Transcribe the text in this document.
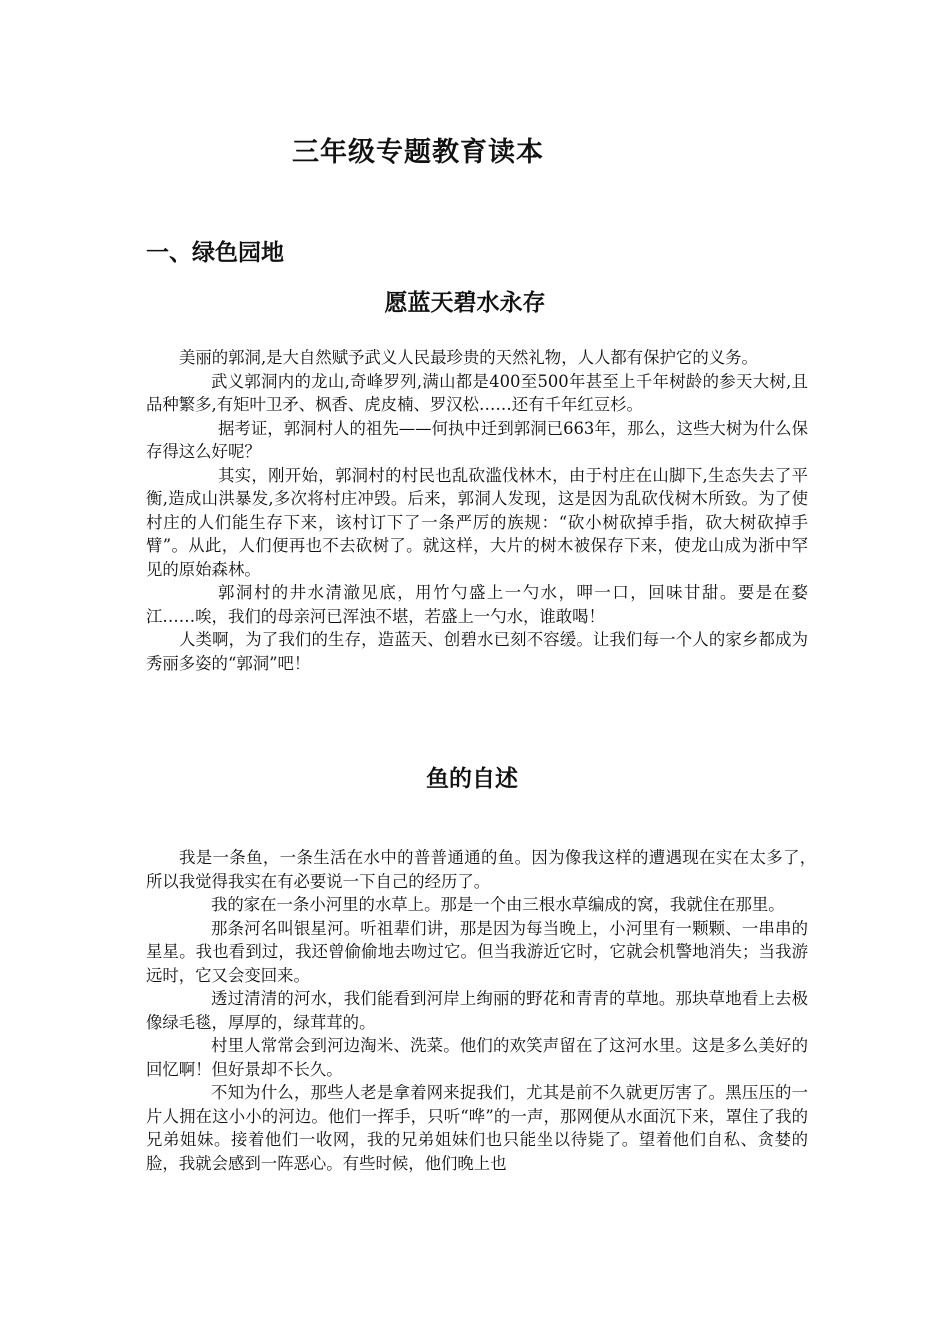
三年级专题教育读本
一、绿色园地
愿蓝天碧水永存

美丽的郭洞,是大自然赋予武义人民最珍贵的天然礼物，人人都有保护它的义务。

武义郭洞内的龙山,奇峰罗列,满山都是400至500年甚至上千年树龄的参天大树,且品种繁多,有矩叶卫矛、枫香、虎皮楠、罗汉松……还有千年红豆杉。

据考证，郭洞村人的祖先——何执中迁到郭洞已663年，那么，这些大树为什么保存得这么好呢？

其实，刚开始，郭洞村的村民也乱砍滥伐林木，由于村庄在山脚下,生态失去了平衡,造成山洪暴发,多次将村庄冲毁。后来，郭洞人发现，这是因为乱砍伐树木所致。为了使村庄的人们能生存下来，该村订下了一条严厉的族规：“砍小树砍掉手指，砍大树砍掉手臂”。从此，人们便再也不去砍树了。就这样，大片的树木被保存下来，使龙山成为浙中罕见的原始森林。

郭洞村的井水清澈见底，用竹勺盛上一勺水，呷一口，回味甘甜。要是在婺江……唉，我们的母亲河已浑浊不堪，若盛上一勺水，谁敢喝！

人类啊，为了我们的生存，造蓝天、创碧水已刻不容缓。让我们每一个人的家乡都成为秀丽多姿的“郭洞”吧！

鱼的自述

我是一条鱼，一条生活在水中的普普通通的鱼。因为像我这样的遭遇现在实在太多了，　所以我觉得我实在有必要说一下自己的经历了。

我的家在一条小河里的水草上。那是一个由三根水草编成的窝，我就住在那里。

那条河名叫银星河。听祖辈们讲，那是因为每当晚上，小河里有一颗颗、一串串的星星。我也看到过，我还曾偷偷地去吻过它。但当我游近它时，它就会机警地消失；当我游远时，它又会变回来。

透过清清的河水，我们能看到河岸上绚丽的野花和青青的草地。那块草地看上去极像绿毛毯，厚厚的，绿茸茸的。

村里人常常会到河边淘米、洗菜。他们的欢笑声留在了这河水里。这是多么美好的回忆啊！但好景却不长久。

不知为什么，那些人老是拿着网来捉我们，尤其是前不久就更厉害了。黑压压的一片人拥在这小小的河边。他们一挥手，只听“哗”的一声，那网便从水面沉下来，罩住了我的兄弟姐妹。接着他们一收网，我的兄弟姐妹们也只能坐以待毙了。望着他们自私、贪婪的脸，我就会感到一阵恶心。有些时候，他们晚上也
